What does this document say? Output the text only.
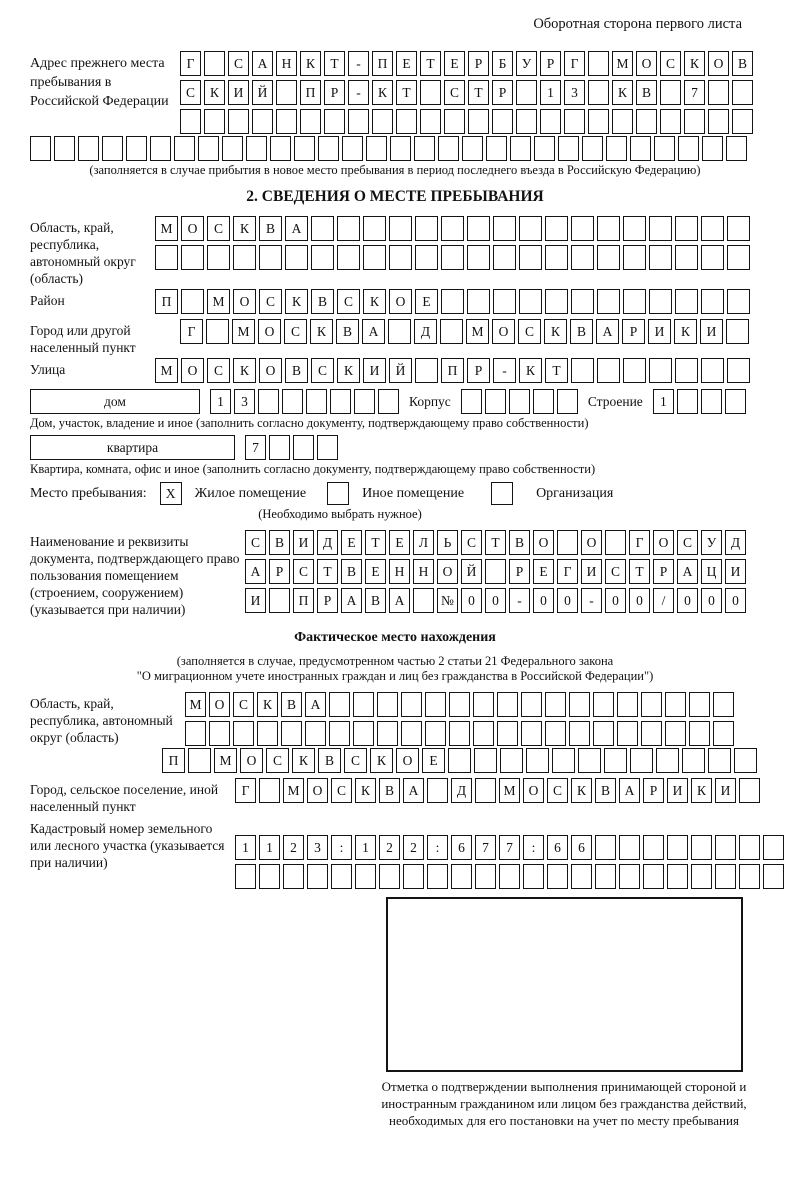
Оборотная сторона первого листа
Адрес прежнего места пребывания в Российской Федерации
Г	С	А	Н	К	Т	-	П	Е	Т	Е	Р	Б	У	Р	Г	М О	С	К	О	В
С	К	И	Й	П	Р	-	К	Т	С	Т	Р	1	3	К	В	7
(заполняется в случае прибытия в новое место пребывания в период последнего въезда в Российскую Федерацию)
2. СВЕДЕНИЯ О МЕСТЕ ПРЕБЫВАНИЯ
Область, край, республика, автономный округ (область)
М	О	С	К	В	А
Район	П	М	О	С	К	В	С	К	О	Е
Город или другой населенный пункт
Г	М	О	С	К	В	А	Д	М	О	С	К	В	А	Р	И	К	И
Улица	М	О	С	К	О	В	С	К	И	Й	П	Р	-	К	Т
дом	1	3	Корпус	Строение	1
Дом, участок, владение и иное (заполнить согласно документу, подтверждающему право собственности)
квартира	7
Квартира, комната, офис и иное (заполнить согласно документу, подтверждающему право собственности)
Место пребывания:	X	Жилое помещение	Иное помещение	Организация
(Необходимо выбрать нужное)
Наименование и реквизиты документа, подтверждающего право пользования помещением (строением, сооружением) (указывается при наличии)
С	В	И	Д	Е	Т	Е	Л	Ь	С	Т	В	О	О	Г	О	С	У	Д
А	Р	С	Т	В	Е	Н	Н	О	Й	Р	Е	Г	И	С	Т	Р	А	Ц	И
И	П	Р	А	В	А	№	0	0	-	0	0	-	0	0	/	0	0	0
Фактическое место нахождения
(заполняется в случае, предусмотренном частью 2 статьи 21 Федерального закона
"О миграционном учете иностранных граждан и лиц без гражданства в Российской Федерации")
Область, край, республика, автономный округ (область)
М О	С	К	В	А
П	М	О	С	К	В	С	К	О	Е
Город, сельское поселение, иной населенный пункт
Г	М О	С	К	В	А	Д	М О	С	К	В	А	Р	И	К	И
Кадастровый номер земельного или лесного участка (указывается при наличии)
1	1	2	3	:	1	2	2	:	6	7	7	:	6	6
Отметка о подтверждении выполнения принимающей стороной и иностранным гражданином или лицом без гражданства действий, необходимых для его постановки на учет по месту пребывания
